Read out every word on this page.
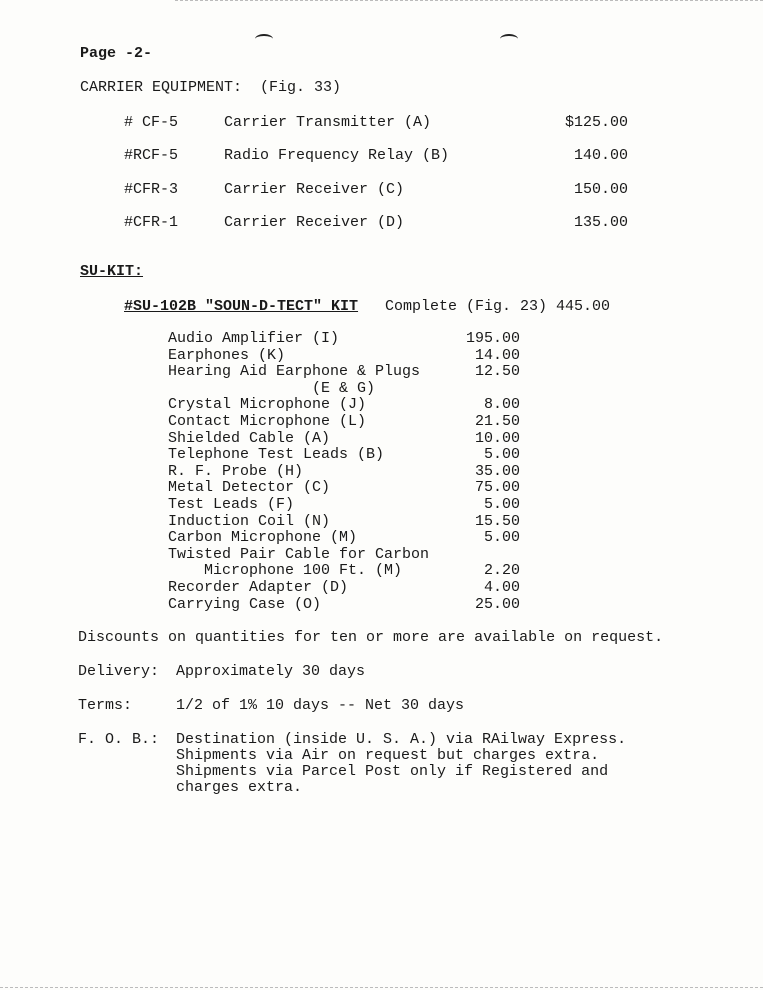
Page -2-
CARRIER EQUIPMENT:  (Fig. 33)
# CF-5	Carrier Transmitter (A)	$125.00
#RCF-5	Radio Frequency Relay (B)	140.00
#CFR-3	Carrier Receiver (C)	150.00
#CFR-1	Carrier Receiver (D)	135.00
SU-KIT:
#SU-102B "SOUN-D-TECT" KIT Complete (Fig. 23) 445.00
Audio Amplifier (I)	195.00
Earphones (K)	14.00
Hearing Aid Earphone & Plugs	12.50
(E & G)
Crystal Microphone (J)	8.00
Contact Microphone (L)	21.50
Shielded Cable (A)	10.00
Telephone Test Leads (B)	5.00
R. F. Probe (H)	35.00
Metal Detector (C)	75.00
Test Leads (F)	5.00
Induction Coil (N)	15.50
Carbon Microphone (M)	5.00
Twisted Pair Cable for Carbon
Microphone 100 Ft. (M)	2.20
Recorder Adapter (D)	4.00
Carrying Case (O)	25.00
Discounts on quantities for ten or more are available on request.
Delivery: Approximately 30 days
Terms:	1/2 of 1% 10 days -- Net 30 days
F. O. B.: Destination (inside U. S. A.) via RAilway Express.
Shipments via Air on request but charges extra.
Shipments via Parcel Post only if Registered and
charges extra.
